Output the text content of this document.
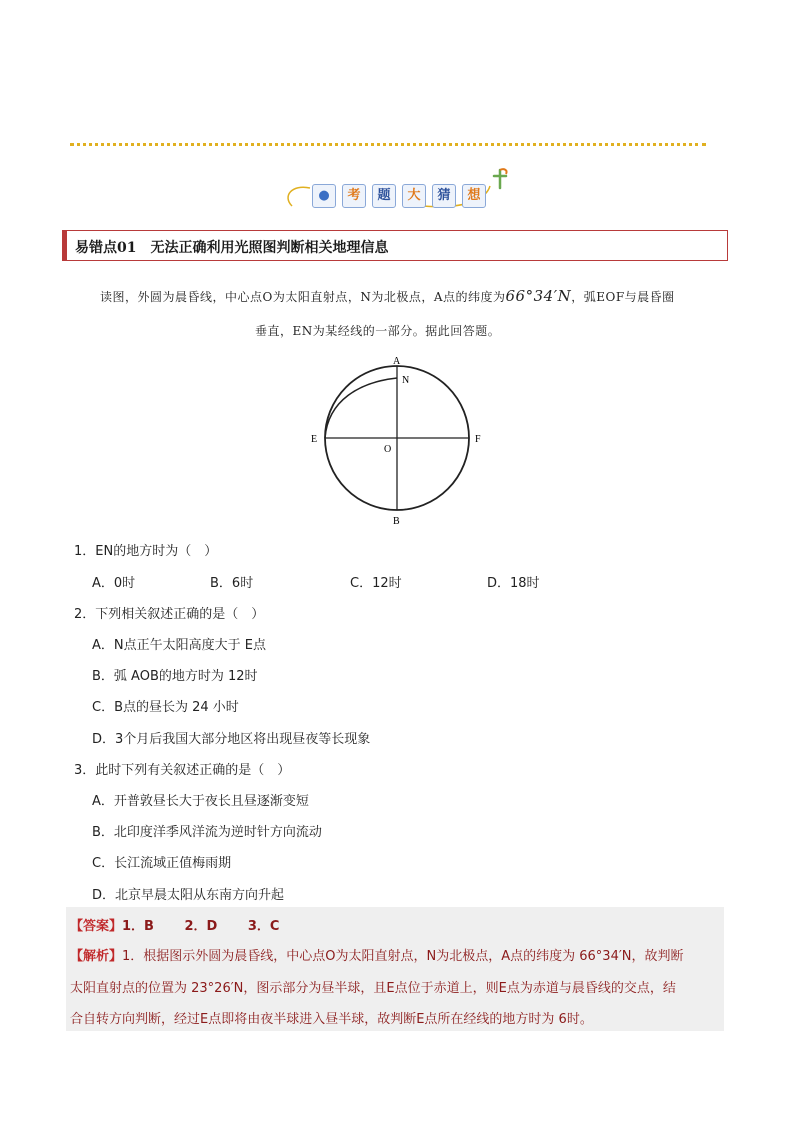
●	考	题	大	猜	想
易错点01　无法正确利用光照图判断相关地理信息
读图，外圆为晨昏线，中心点O为太阳直射点，N为北极点，A点的纬度为66°34′N，弧EOF与晨昏圈
垂直，EN为某经线的一部分。据此回答题。
A
N
E	F
O
B
1．EN的地方时为（　）
A．0时	B．6时	C．12时	D．18时
2．下列相关叙述正确的是（　）
A．N点正午太阳高度大于 E点
B．弧 AOB的地方时为 12时
C．B点的昼长为 24 小时
D．3个月后我国大部分地区将出现昼夜等长现象
3．此时下列有关叙述正确的是（　）
A．开普敦昼长大于夜长且昼逐渐变短
B．北印度洋季风洋流为逆时针方向流动
C．长江流域正值梅雨期
D．北京早晨太阳从东南方向升起
【答案】1．B　　 2．D　　 3．C
【解析】1．根据图示外圆为晨昏线，中心点O为太阳直射点，N为北极点，A点的纬度为 66°34′N，故判断
太阳直射点的位置为 23°26′N，图示部分为昼半球，且E点位于赤道上，则E点为赤道与晨昏线的交点，结
合自转方向判断，经过E点即将由夜半球进入昼半球，故判断E点所在经线的地方时为 6时。
